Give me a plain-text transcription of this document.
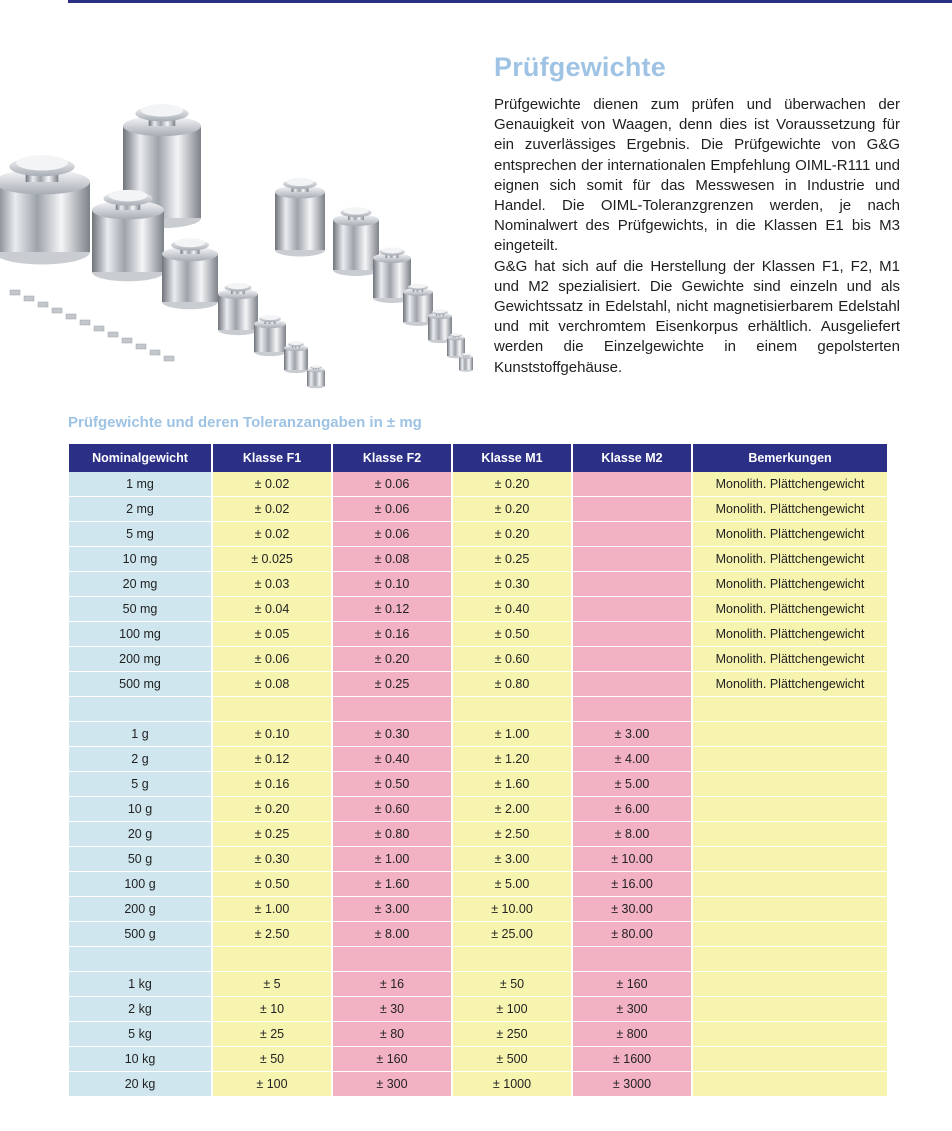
Prüfgewichte

Prüfgewichte dienen zum prüfen und überwachen der Genauigkeit von Waagen, denn dies ist Voraussetzung für ein zuverlässiges Ergebnis. Die Prüfgewichte von G&G entsprechen der internationalen Empfehlung OIML-R111 und eignen sich somit für das Messwesen in Industrie und Handel. Die OIML-Toleranzgrenzen werden, je nach Nominalwert des Prüfgewichts, in die Klassen E1 bis M3 eingeteilt.

G&G hat sich auf die Herstellung der Klassen F1, F2, M1 und M2 spezialisiert. Die Gewichte sind einzeln und als Gewichtssatz in Edelstahl, nicht magnetisierbarem Edelstahl und mit verchromtem Eisenkorpus erhältlich. Ausgeliefert werden die Einzelgewichte in einem gepolsterten Kunststoffgehäuse.

Prüfgewichte und deren Toleranzangaben in ± mg
Nominalgewicht	Klasse F1	Klasse F2	Klasse M1	Klasse M2	Bemerkungen
1 mg	± 0.02	± 0.06	± 0.20		Monolith. Plättchengewicht
2 mg	± 0.02	± 0.06	± 0.20		Monolith. Plättchengewicht
5 mg	± 0.02	± 0.06	± 0.20		Monolith. Plättchengewicht
10 mg	± 0.025	± 0.08	± 0.25		Monolith. Plättchengewicht
20 mg	± 0.03	± 0.10	± 0.30		Monolith. Plättchengewicht
50 mg	± 0.04	± 0.12	± 0.40		Monolith. Plättchengewicht
100 mg	± 0.05	± 0.16	± 0.50		Monolith. Plättchengewicht
200 mg	± 0.06	± 0.20	± 0.60		Monolith. Plättchengewicht
500 mg	± 0.08	± 0.25	± 0.80		Monolith. Plättchengewicht

1 g	± 0.10	± 0.30	± 1.00	± 3.00	
2 g	± 0.12	± 0.40	± 1.20	± 4.00	
5 g	± 0.16	± 0.50	± 1.60	± 5.00	
10 g	± 0.20	± 0.60	± 2.00	± 6.00	
20 g	± 0.25	± 0.80	± 2.50	± 8.00	
50 g	± 0.30	± 1.00	± 3.00	± 10.00	
100 g	± 0.50	± 1.60	± 5.00	± 16.00	
200 g	± 1.00	± 3.00	± 10.00	± 30.00	
500 g	± 2.50	± 8.00	± 25.00	± 80.00	

1 kg	± 5	± 16	± 50	± 160	
2 kg	± 10	± 30	± 100	± 300	
5 kg	± 25	± 80	± 250	± 800	
10 kg	± 50	± 160	± 500	± 1600	
20 kg	± 100	± 300	± 1000	± 3000	
